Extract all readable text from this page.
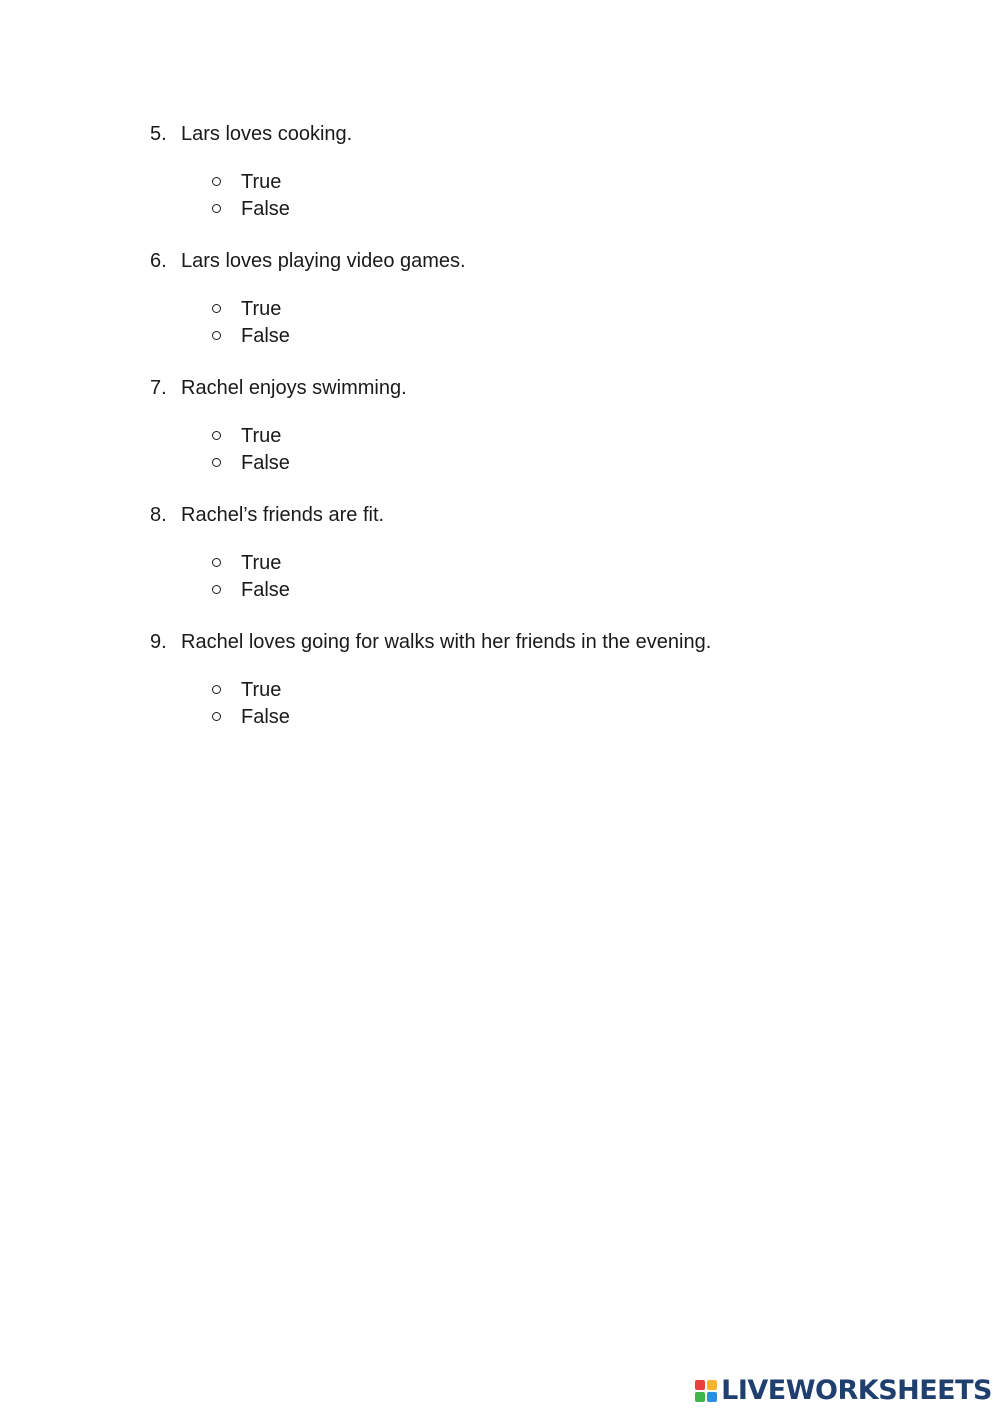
5. Lars loves cooking.
True
False
6. Lars loves playing video games.
True
False
7. Rachel enjoys swimming.
True
False
8. Rachel’s friends are fit.
True
False
9. Rachel loves going for walks with her friends in the evening.
True
False
LIVEWORKSHEETS
